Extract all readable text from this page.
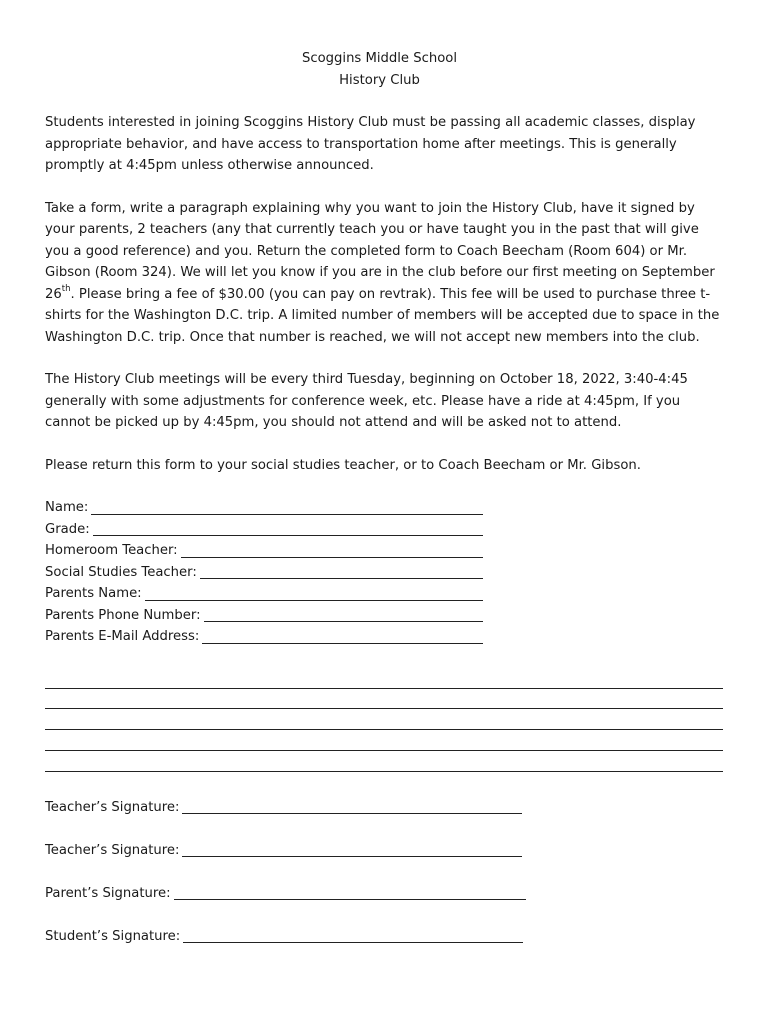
Scoggins Middle School
History Club

Students interested in joining Scoggins History Club must be passing all academic classes, display appropriate behavior, and have access to transportation home after meetings. This is generally promptly at 4:45pm unless otherwise announced.

Take a form, write a paragraph explaining why you want to join the History Club, have it signed by your parents, 2 teachers (any that currently teach you or have taught you in the past that will give you a good reference) and you. Return the completed form to Coach Beecham (Room 604) or Mr. Gibson (Room 324). We will let you know if you are in the club before our first meeting on September 26th. Please bring a fee of $30.00 (you can pay on revtrak). This fee will be used to purchase three t-shirts for the Washington D.C. trip. A limited number of members will be accepted due to space in the Washington D.C. trip. Once that number is reached, we will not accept new members into the club.

The History Club meetings will be every third Tuesday, beginning on October 18, 2022, 3:40-4:45 generally with some adjustments for conference week, etc. Please have a ride at 4:45pm, If you cannot be picked up by 4:45pm, you should not attend and will be asked not to attend.

Please return this form to your social studies teacher, or to Coach Beecham or Mr. Gibson.

Name:
Grade:
Homeroom Teacher:
Social Studies Teacher:
Parents Name:
Parents Phone Number:
Parents E-Mail Address:
Teacher’s Signature:
Teacher’s Signature:
Parent’s Signature:
Student’s Signature:
